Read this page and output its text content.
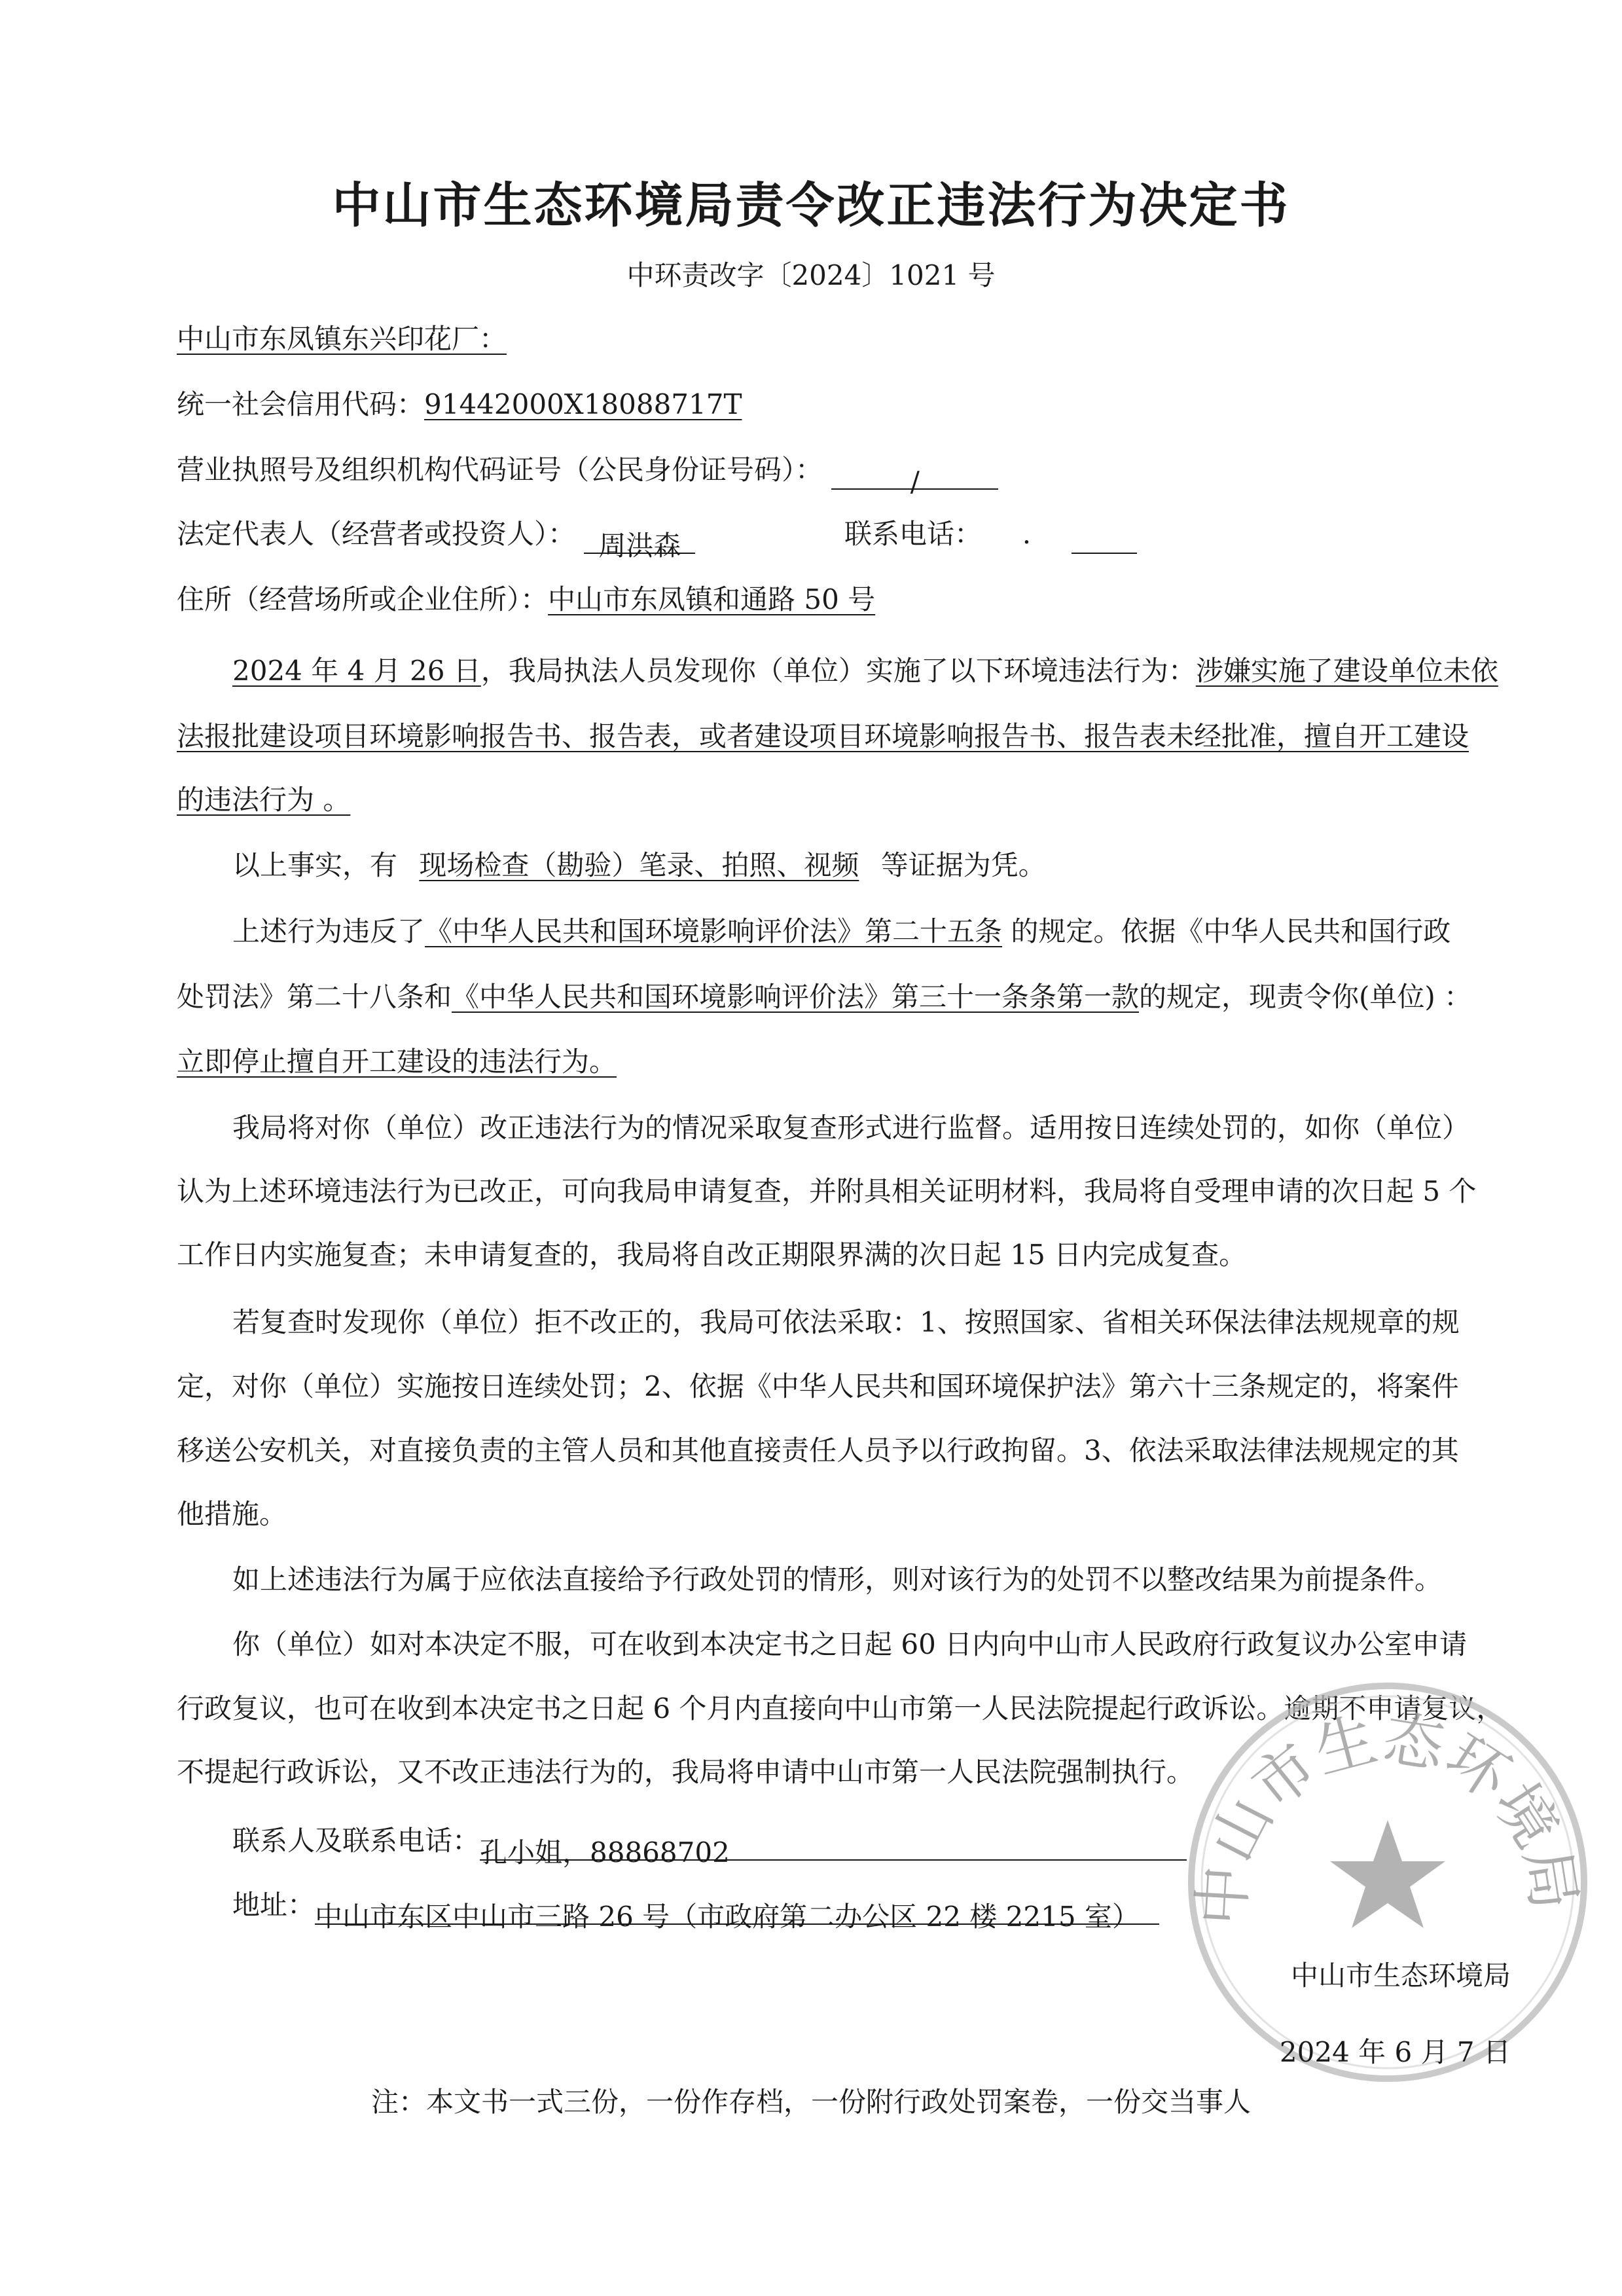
中山市生态环境局责令改正违法行为决定书
中环责改字〔2024〕1021 号
中山市东凤镇东兴印花厂：
统一社会信用代码：91442000X18088717T
营业执照号及组织机构代码证号（公民身份证号码）：	/
法定代表人（经营者或投资人）： 周洪森	联系电话： .
住所（经营场所或企业住所）：中山市东凤镇和通路 50 号
2024 年 4 月 26 日，我局执法人员发现你（单位）实施了以下环境违法行为：涉嫌实施了建设单位未依
法报批建设项目环境影响报告书、报告表，或者建设项目环境影响报告书、报告表未经批准，擅自开工建设
的违法行为 。
以上事实，有 现场检查（勘验）笔录、拍照、视频 等证据为凭。
上述行为违反了《中华人民共和国环境影响评价法》第二十五条 的规定。依据《中华人民共和国行政
处罚法》第二十八条和《中华人民共和国环境影响评价法》第三十一条条第一款的规定，现责令你(单位) ：
立即停止擅自开工建设的违法行为。
我局将对你（单位）改正违法行为的情况采取复查形式进行监督。适用按日连续处罚的，如你（单位）
认为上述环境违法行为已改正，可向我局申请复查，并附具相关证明材料，我局将自受理申请的次日起 5 个
工作日内实施复查；未申请复查的，我局将自改正期限界满的次日起 15 日内完成复查。
若复查时发现你（单位）拒不改正的，我局可依法采取：1、按照国家、省相关环保法律法规规章的规
定，对你（单位）实施按日连续处罚；2、依据《中华人民共和国环境保护法》第六十三条规定的，将案件
移送公安机关，对直接负责的主管人员和其他直接责任人员予以行政拘留。3、依法采取法律法规规定的其
他措施。
如上述违法行为属于应依法直接给予行政处罚的情形，则对该行为的处罚不以整改结果为前提条件。
你（单位）如对本决定不服，可在收到本决定书之日起 60 日内向中山市人民政府行政复议办公室申请
行政复议，也可在收到本决定书之日起 6 个月内直接向中山市第一人民法院提起行政诉讼。逾期不申请复议，
不提起行政诉讼，又不改正违法行为的，我局将申请中山市第一人民法院强制执行。
联系人及联系电话：孔小姐，88868702
地址：中山市东区中山市三路 26 号（市政府第二办公区 22 楼 2215 室） 中山市生态环境局
中山市生态环境局
2024 年 6 月 7 日
注：本文书一式三份，一份作存档，一份附行政处罚案卷，一份交当事人
